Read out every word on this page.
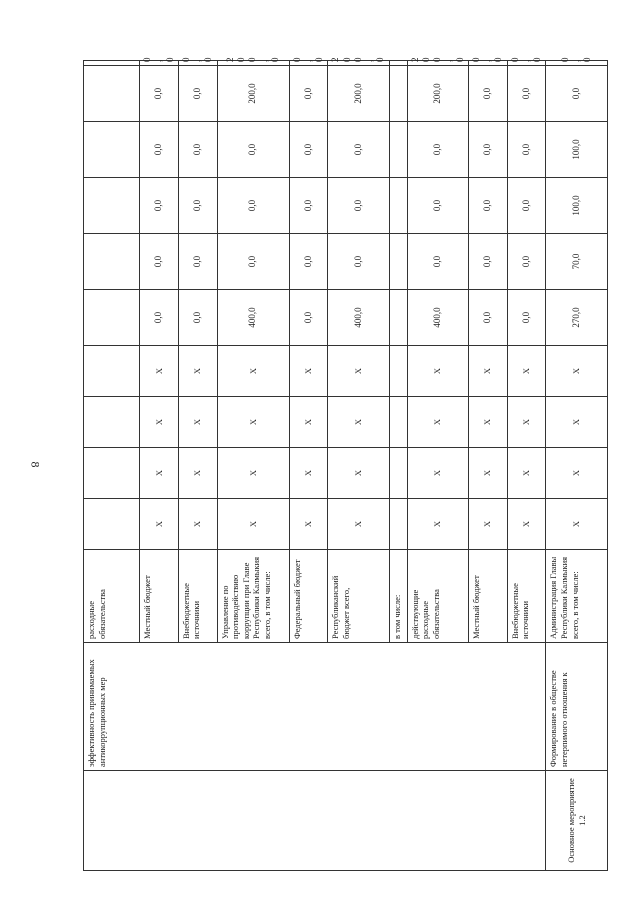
8
	эффективность принимаемых антикоррупционных мер	расходные обязательства										
		Местный бюджет	X	X	X	X	0,0	0,0	0,0	0,0	0,0	0,0
		Внебюджетные источники	X	X	X	X	0,0	0,0	0,0	0,0	0,0	0,0
		Управление по противодействию коррупции при Главе Республики Калмыкия всего, в том числе:	X	X	X	X	400,0	0,0	0,0	0,0	200,0	200,0
		Федеральный бюджет	X	X	X	X	0,0	0,0	0,0	0,0	0,0	0,0
		Республиканский бюджет всего,	X	X	X	X	400,0	0,0	0,0	0,0	200,0	200,0
		в том числе:										
		действующие расходные обязательства	X	X	X	X	400,0	0,0	0,0	0,0	200,0	200,0
		Местный бюджет	X	X	X	X	0,0	0,0	0,0	0,0	0,0	0,0
		Внебюджетные источники	X	X	X	X	0,0	0,0	0,0	0,0	0,0	0,0
Основное мероприятие 1.2	Формирование в обществе нетерпимого отношения к	Администрация Главы Республики Калмыкия всего, в том числе:	X	X	X	X	270,0	70,0	100,0	100,0	0,0	0,0
